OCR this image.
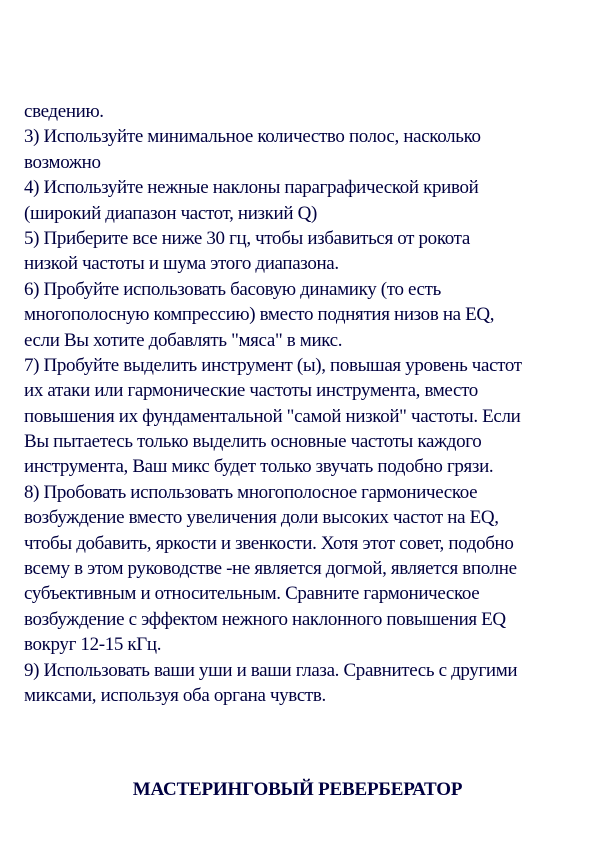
сведению.
3) Используйте минимальное количество полос, насколько
возможно
4) Используйте нежные наклоны параграфической кривой
(широкий диапазон частот, низкий Q)
5) Приберите все ниже 30 гц, чтобы избавиться от рокота
низкой частоты и шума этого диапазона.
6) Пробуйте использовать басовую динамику (то есть
многополосную компрессию) вместо поднятия низов на EQ,
если Вы хотите добавлять "мяса" в микс.
7) Пробуйте выделить инструмент (ы), повышая уровень частот
их атаки или гармонические частоты инструмента, вместо
повышения их фундаментальной "самой низкой" частоты. Если
Вы пытаетесь только выделить основные частоты каждого
инструмента, Ваш микс будет только звучать подобно грязи.
8) Пробовать использовать многополосное гармоническое
возбуждение вместо увеличения доли высоких частот на EQ,
чтобы добавить, яркости и звенкости. Хотя этот совет, подобно
всему в этом руководстве -не является догмой, является вполне
субъективным и относительным. Сравните гармоническое
возбуждение с эффектом нежного наклонного повышения EQ
вокруг 12-15 кГц.
9) Использовать ваши уши и ваши глаза. Сравнитесь с другими
миксами, используя оба органа чувств.
МАСТЕРИНГОВЫЙ РЕВЕРБЕРАТОР
